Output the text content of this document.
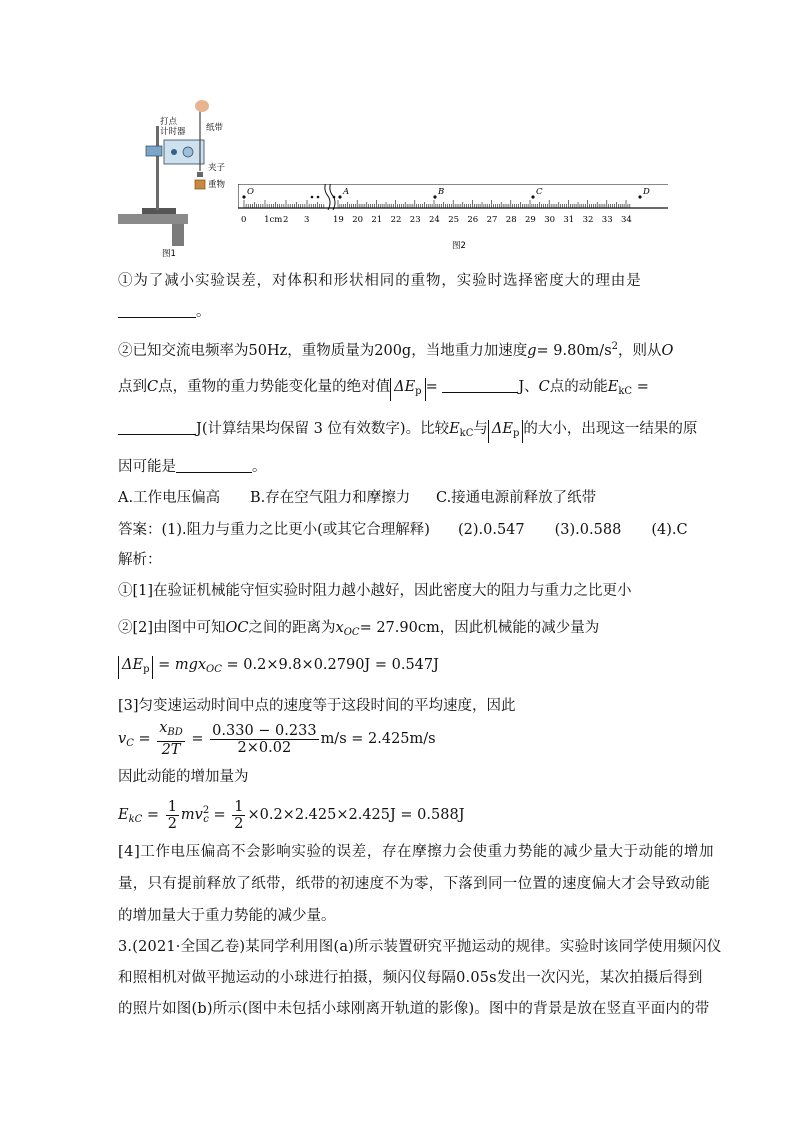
打点
计时器 纸带
夹子
重物
图1
O	A	B	C	D
0 1cm 2 3	19 20 21 22 23 24 25 26 27 28 29 30 31 32 33 34
图2
①为了减小实验误差，对体积和形状相同的重物，实验时选择密度大的理由是
。
②已知交流电频率为50Hz，重物质量为200g，当地重力加速度$g= 9.80m/s^2$，则从O
点到C点，重物的重力势能变化量的绝对值 $\Delta E_p$ =	J、C点的动能$E_{kC}$ =
J(计算结果均保留 3 位有效数字)。比较$E_{kC}$与 $\Delta E_p$ 的大小，出现这一结果的原
因可能是	。
A.工作电压偏高 B.存在空气阻力和摩擦力 C.接通电源前释放了纸带
答案：(1).阻力与重力之比更小(或其它合理解释) (2).0.547 (3).0.588 (4).C
解析：
①[1]在验证机械能守恒实验时阻力越小越好，因此密度大的阻力与重力之比更小
②[2]由图中可知OC之间的距离为$x_{OC}= 27.90cm$，因此机械能的减少量为
$\Delta E_p = mgx_{OC} = 0.2\times 9.8\times 0.2790J = 0.547J$
[3]匀变速运动时间中点的速度等于这段时间的平均速度，因此
$v_C = \frac{x_{BD}}{2T} = \frac{0.330 - 0.233}{2\times 0.02} m/s = 2.425m/s$
因此动能的增加量为
$E_{kC} = \frac{1}{2} mv^2_c = \frac{1}{2} \times 0.2\times 2.425\times 2.425J = 0.588J$
[4]工作电压偏高不会影响实验的误差，存在摩擦力会使重力势能的减少量大于动能的增加
量，只有提前释放了纸带，纸带的初速度不为零，下落到同一位置的速度偏大才会导致动能
的增加量大于重力势能的减少量。
3.(2021·全国乙卷)某同学利用图(a)所示装置研究平抛运动的规律。实验时该同学使用频闪仪
和照相机对做平抛运动的小球进行拍摄，频闪仪每隔0.05s发出一次闪光，某次拍摄后得到
的照片如图(b)所示(图中未包括小球刚离开轨道的影像)。图中的背景是放在竖直平面内的带
